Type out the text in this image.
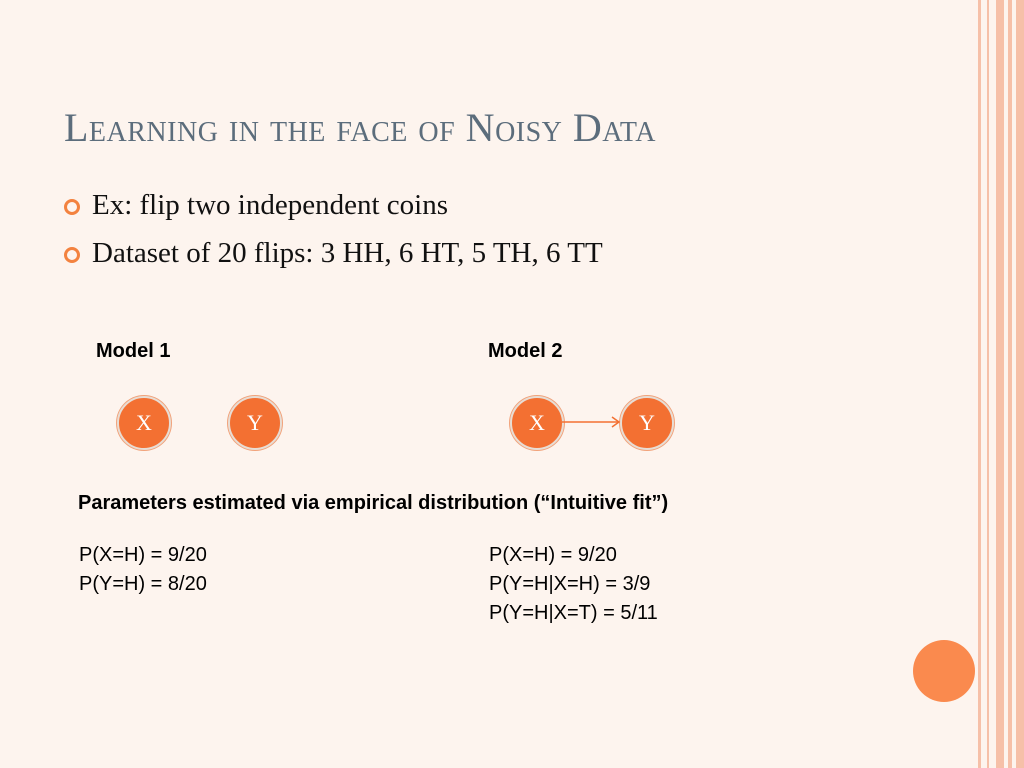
Learning in the face of Noisy Data
Ex: flip two independent coins
Dataset of 20 flips: 3 HH, 6 HT, 5 TH, 6 TT
Model 1	Model 2
X	Y	X	Y
Parameters estimated via empirical distribution (“Intuitive fit”)
P(X=H) = 9/20
P(Y=H) = 8/20
P(X=H) = 9/20
P(Y=H|X=H) = 3/9
P(Y=H|X=T) = 5/11
